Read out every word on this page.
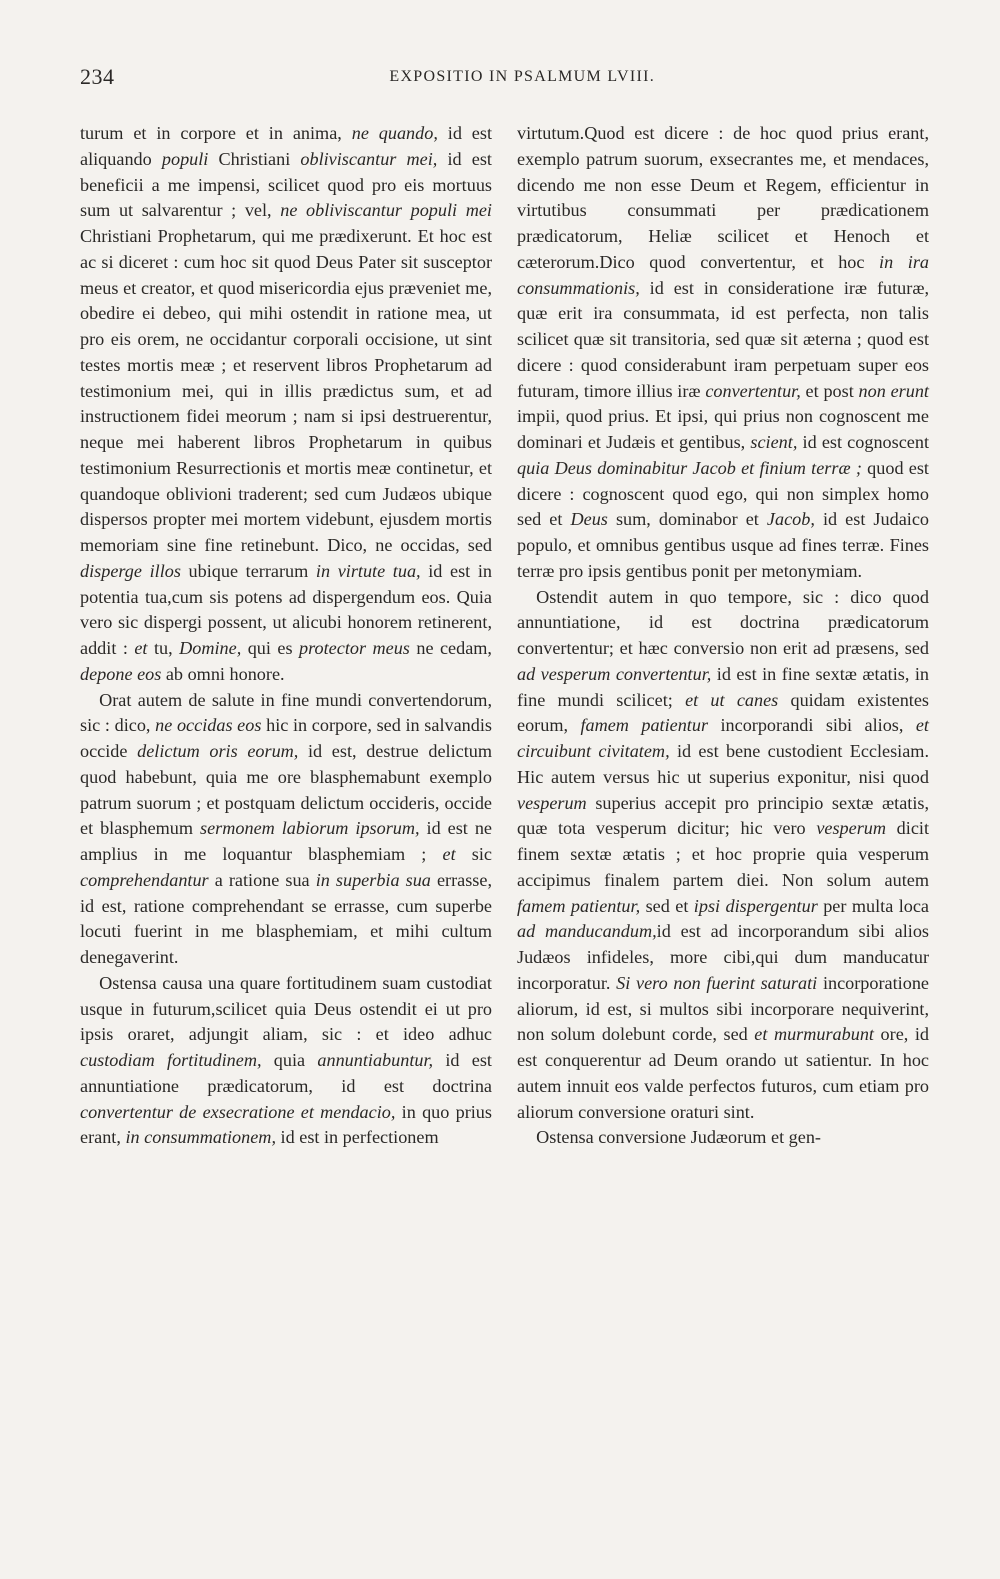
234	EXPOSITIO IN PSALMUM LVIII.

turum et in corpore et in anima, ne quando, id est aliquando populi Christiani obliviscantur mei, id est beneficii a me impensi, scilicet quod pro eis mortuus sum ut salvarentur ; vel, ne obliviscantur populi mei Christiani Prophetarum, qui me prædixerunt. Et hoc est ac si diceret : cum hoc sit quod Deus Pater sit susceptor meus et creator, et quod misericordia ejus præveniet me, obedire ei debeo, qui mihi ostendit in ratione mea, ut pro eis orem, ne occidantur corporali occisione, ut sint testes mortis meæ ; et reservent libros Prophetarum ad testimonium mei, qui in illis prædictus sum, et ad instructionem fidei meorum ; nam si ipsi destruerentur, neque mei haberent libros Prophetarum in quibus testimonium Resurrectionis et mortis meæ continetur, et quandoque oblivioni traderent; sed cum Judæos ubique dispersos propter mei mortem videbunt, ejusdem mortis memoriam sine fine retinebunt. Dico, ne occidas, sed disperge illos ubique terrarum in virtute tua, id est in potentia tua,cum sis potens ad dispergendum eos. Quia vero sic dispergi possent, ut alicubi honorem retinerent, addit : et tu, Domine, qui es protector meus ne cedam, depone eos ab omni honore.

Orat autem de salute in fine mundi convertendorum, sic : dico, ne occidas eos hic in corpore, sed in salvandis occide delictum oris eorum, id est, destrue delictum quod habebunt, quia me ore blasphemabunt exemplo patrum suorum ; et postquam delictum occideris, occide et blasphemum sermonem labiorum ipsorum, id est ne amplius in me loquantur blasphemiam ; et sic comprehendantur a ratione sua in superbia sua errasse, id est, ratione comprehendant se errasse, cum superbe locuti fuerint in me blasphemiam, et mihi cultum denegaverint.

Ostensa causa una quare fortitudinem suam custodiat usque in futurum,scilicet quia Deus ostendit ei ut pro ipsis oraret, adjungit aliam, sic : et ideo adhuc custodiam fortitudinem, quia annuntiabuntur, id est annuntiatione prædicatorum, id est doctrina convertentur de exsecratione et mendacio, in quo prius erant, in consummationem, id est in perfectionem

virtutum.Quod est dicere : de hoc quod prius erant, exemplo patrum suorum, exsecrantes me, et mendaces, dicendo me non esse Deum et Regem, efficientur in virtutibus consummati per prædicationem prædicatorum, Heliæ scilicet et Henoch et cæterorum.Dico quod convertentur, et hoc in ira consummationis, id est in consideratione iræ futuræ, quæ erit ira consummata, id est perfecta, non talis scilicet quæ sit transitoria, sed quæ sit æterna ; quod est dicere : quod considerabunt iram perpetuam super eos futuram, timore illius iræ convertentur, et post non erunt impii, quod prius. Et ipsi, qui prius non cognoscent me dominari et Judæis et gentibus, scient, id est cognoscent quia Deus dominabitur Jacob et finium terræ ; quod est dicere : cognoscent quod ego, qui non simplex homo sed et Deus sum, dominabor et Jacob, id est Judaico populo, et omnibus gentibus usque ad fines terræ. Fines terræ pro ipsis gentibus ponit per metonymiam.

Ostendit autem in quo tempore, sic : dico quod annuntiatione, id est doctrina prædicatorum convertentur; et hæc conversio non erit ad præsens, sed ad vesperum convertentur, id est in fine sextæ ætatis, in fine mundi scilicet; et ut canes quidam existentes eorum, famem patientur incorporandi sibi alios, et circuibunt civitatem, id est bene custodient Ecclesiam. Hic autem versus hic ut superius exponitur, nisi quod vesperum superius accepit pro principio sextæ ætatis, quæ tota vesperum dicitur; hic vero vesperum dicit finem sextæ ætatis ; et hoc proprie quia vesperum accipimus finalem partem diei. Non solum autem famem patientur, sed et ipsi dispergentur per multa loca ad manducandum,id est ad incorporandum sibi alios Judæos infideles, more cibi,qui dum manducatur incorporatur. Si vero non fuerint saturati incorporatione aliorum, id est, si multos sibi incorporare nequiverint, non solum dolebunt corde, sed et murmurabunt ore, id est conquerentur ad Deum orando ut satientur. In hoc autem innuit eos valde perfectos futuros, cum etiam pro aliorum conversione oraturi sint.

Ostensa conversione Judæorum et gen-
